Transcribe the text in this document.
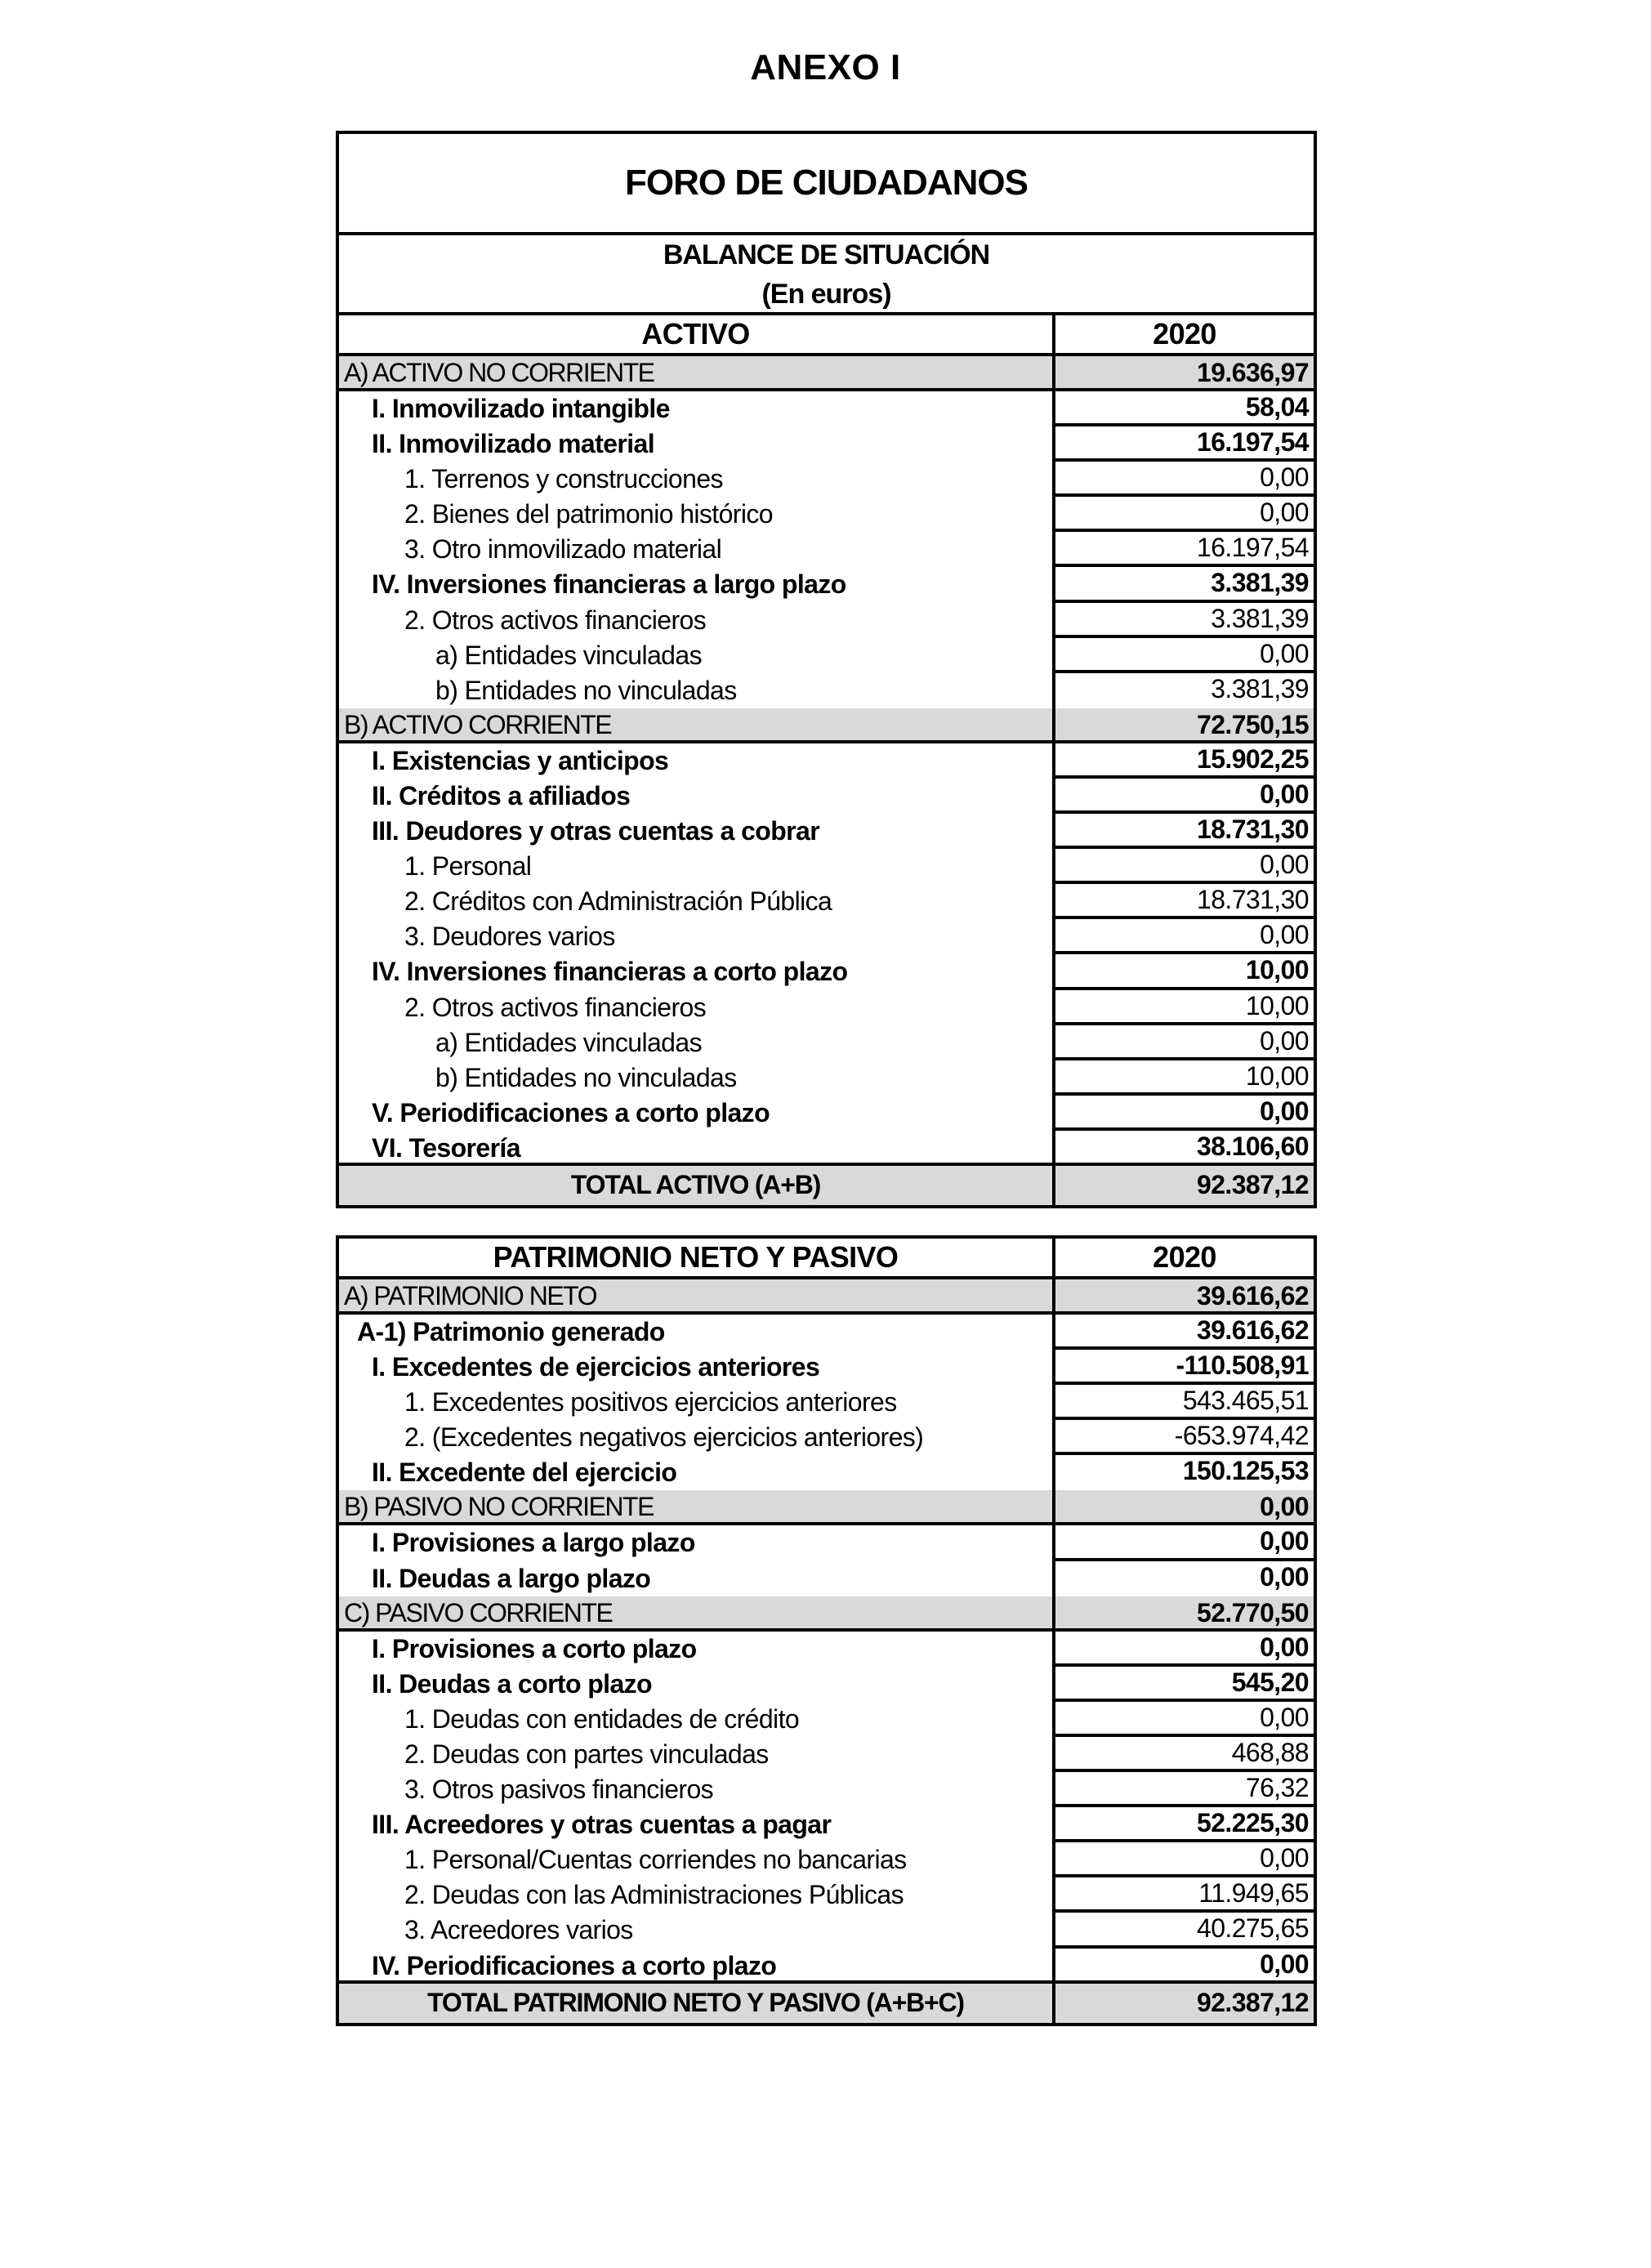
ANEXO I
FORO DE CIUDADANOS
BALANCE DE SITUACIÓN
(En euros)
ACTIVO	2020
A) ACTIVO NO CORRIENTE	19.636,97
I. Inmovilizado intangible	58,04
II. Inmovilizado material	16.197,54
1. Terrenos y construcciones	0,00
2. Bienes del patrimonio histórico	0,00
3. Otro inmovilizado material	16.197,54
IV. Inversiones financieras a largo plazo	3.381,39
2. Otros activos financieros	3.381,39
a) Entidades vinculadas	0,00
b) Entidades no vinculadas	3.381,39
B) ACTIVO CORRIENTE	72.750,15
I. Existencias y anticipos	15.902,25
II. Créditos a afiliados	0,00
III. Deudores y otras cuentas a cobrar	18.731,30
1. Personal	0,00
2. Créditos con Administración Pública	18.731,30
3. Deudores varios	0,00
IV. Inversiones financieras a corto plazo	10,00
2. Otros activos financieros	10,00
a) Entidades vinculadas	0,00
b) Entidades no vinculadas	10,00
V. Periodificaciones a corto plazo	0,00
VI. Tesorería	38.106,60
TOTAL ACTIVO (A+B)	92.387,12
PATRIMONIO NETO Y PASIVO	2020
A) PATRIMONIO NETO	39.616,62
A-1) Patrimonio generado	39.616,62
I. Excedentes de ejercicios anteriores	-110.508,91
1. Excedentes positivos ejercicios anteriores	543.465,51
2. (Excedentes negativos ejercicios anteriores)	-653.974,42
II. Excedente del ejercicio	150.125,53
B) PASIVO NO CORRIENTE	0,00
I. Provisiones a largo plazo	0,00
II. Deudas a largo plazo	0,00
C) PASIVO CORRIENTE	52.770,50
I. Provisiones a corto plazo	0,00
II. Deudas a corto plazo	545,20
1. Deudas con entidades de crédito	0,00
2. Deudas con partes vinculadas	468,88
3. Otros pasivos financieros	76,32
III. Acreedores y otras cuentas a pagar	52.225,30
1. Personal/Cuentas corriendes no bancarias	0,00
2. Deudas con las Administraciones Públicas	11.949,65
3. Acreedores varios	40.275,65
IV. Periodificaciones a corto plazo	0,00
TOTAL PATRIMONIO NETO Y PASIVO (A+B+C)	92.387,12
